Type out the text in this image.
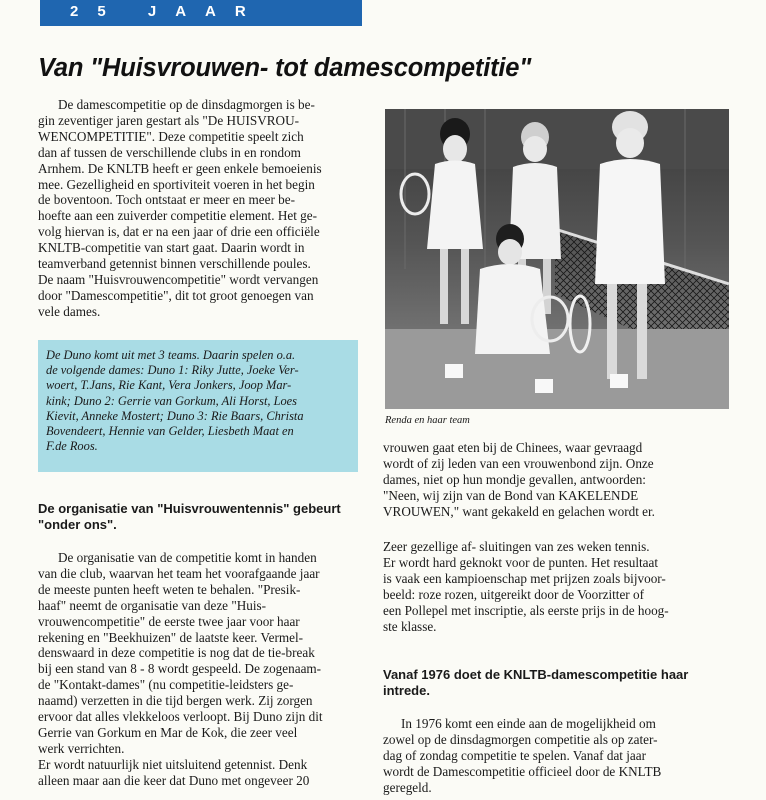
25 JAAR
Van "Huisvrouwen- tot damescompetitie"
De damescompetitie op de dinsdagmorgen is be-
gin zeventiger jaren gestart als "De HUISVROU-
WENCOMPETITIE". Deze competitie speelt zich
dan af tussen de verschillende clubs in en rondom
Arnhem. De KNLTB heeft er geen enkele bemoeienis
mee. Gezelligheid en sportiviteit voeren in het begin
de boventoon. Toch ontstaat er meer en meer be-
hoefte aan een zuiverder competitie element. Het ge-
volg hiervan is, dat er na een jaar of drie een officiële
KNLTB-competitie van start gaat. Daarin wordt in
teamverband getennist binnen verschillende poules.
De naam "Huisvrouwencompetitie" wordt vervangen
door "Damescompetitie", dit tot groot genoegen van
vele dames.
De Duno komt uit met 3 teams. Daarin spelen o.a.
de volgende dames: Duno 1: Riky Jutte, Joeke Ver-
woert, T.Jans, Rie Kant, Vera Jonkers, Joop Mar-
kink; Duno 2: Gerrie van Gorkum, Ali Horst, Loes
Kievit, Anneke Mostert; Duno 3: Rie Baars, Christa
Bovendeert, Hennie van Gelder, Liesbeth Maat en
F.de Roos.
De organisatie van "Huisvrouwentennis" gebeurt
"onder ons".
De organisatie van de competitie komt in handen
van die club, waarvan het team het voorafgaande jaar
de meeste punten heeft weten te behalen. "Presik-
haaf" neemt de organisatie van deze "Huis-
vrouwencompetitie" de eerste twee jaar voor haar
rekening en "Beekhuizen" de laatste keer. Vermel-
denswaard in deze competitie is nog dat de tie-break
bij een stand van 8 - 8 wordt gespeeld. De zogenaam-
de "Kontakt-dames" (nu competitie-leidsters ge-
naamd) verzetten in die tijd bergen werk. Zij zorgen
ervoor dat alles vlekkeloos verloopt. Bij Duno zijn dit
Gerrie van Gorkum en Mar de Kok, die zeer veel
werk verrichten.
Er wordt natuurlijk niet uitsluitend getennist. Denk
alleen maar aan die keer dat Duno met ongeveer 20
Renda en haar team
vrouwen gaat eten bij de Chinees, waar gevraagd
wordt of zij leden van een vrouwenbond zijn. Onze
dames, niet op hun mondje gevallen, antwoorden:
"Neen, wij zijn van de Bond van KAKELENDE
VROUWEN," want gekakeld en gelachen wordt er.
Zeer gezellige af- sluitingen van zes weken tennis.
Er wordt hard geknokt voor de punten. Het resultaat
is vaak een kampioenschap met prijzen zoals bijvoor-
beeld: roze rozen, uitgereikt door de Voorzitter of
een Pollepel met inscriptie, als eerste prijs in de hoog-
ste klasse.
Vanaf 1976 doet de KNLTB-damescompetitie haar
intrede.
In 1976 komt een einde aan de mogelijkheid om
zowel op de dinsdagmorgen competitie als op zater-
dag of zondag competitie te spelen. Vanaf dat jaar
wordt de Damescompetitie officieel door de KNLTB
geregeld.
